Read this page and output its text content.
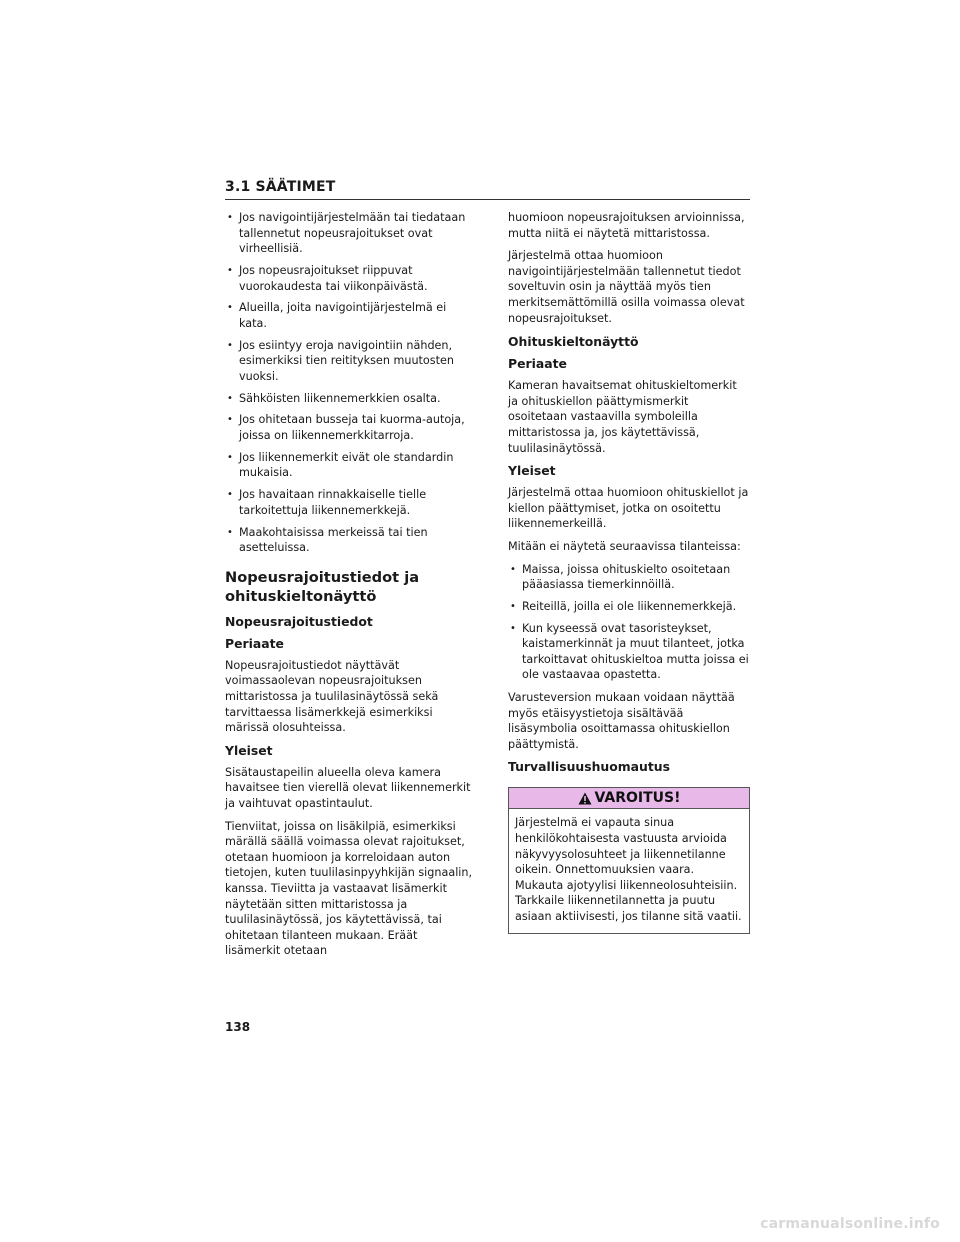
3.1 SÄÄTIMET
• Jos navigointijärjestelmään tai tiedataan tallennetut nopeusrajoitukset ovat virheellisiä.
• Jos nopeusrajoitukset riippuvat vuorokaudesta tai viikonpäivästä.
• Alueilla, joita navigointijärjestelmä ei kata.
• Jos esiintyy eroja navigointiin nähden, esimerkiksi tien reitityksen muutosten vuoksi.
• Sähköisten liikennemerkkien osalta.
• Jos ohitetaan busseja tai kuorma-autoja, joissa on liikennemerkkitarroja.
• Jos liikennemerkit eivät ole standardin mukaisia.
• Jos havaitaan rinnakkaiselle tielle tarkoitettuja liikennemerkkejä.
• Maakohtaisissa merkeissä tai tien asetteluissa.
Nopeusrajoitustiedot ja ohituskieltonäyttö
Nopeusrajoitustiedot
Periaate

Nopeusrajoitustiedot näyttävät voimassaolevan nopeusrajoituksen mittaristossa ja tuulilasinäytössä sekä tarvittaessa lisämerkkejä esimerkiksi märissä olosuhteissa.

Yleiset

Sisätaustapeilin alueella oleva kamera havaitsee tien vierellä olevat liikennemerkit ja vaihtuvat opastintaulut.

Tienviitat, joissa on lisäkilpiä, esimerkiksi märällä säällä voimassa olevat rajoitukset, otetaan huomioon ja korreloidaan auton tietojen, kuten tuulilasinpyyhkijän signaalin, kanssa. Tieviitta ja vastaavat lisämerkit näytetään sitten mittaristossa ja tuulilasinäytössä, jos käytettävissä, tai ohitetaan tilanteen mukaan. Eräät lisämerkit otetaan

huomioon nopeusrajoituksen arvioinnissa, mutta niitä ei näytetä mittaristossa.

Järjestelmä ottaa huomioon navigointijärjestelmään tallennetut tiedot soveltuvin osin ja näyttää myös tien merkitsemättömillä osilla voimassa olevat nopeusrajoitukset.

Ohituskieltonäyttö
Periaate

Kameran havaitsemat ohituskieltomerkit ja ohituskiellon päättymismerkit osoitetaan vastaavilla symboleilla mittaristossa ja, jos käytettävissä, tuulilasinäytössä.

Yleiset

Järjestelmä ottaa huomioon ohituskiellot ja kiellon päättymiset, jotka on osoitettu liikennemerkeillä.

Mitään ei näytetä seuraavissa tilanteissa:

• Maissa, joissa ohituskielto osoitetaan pääasiassa tiemerkinnöillä.
• Reiteillä, joilla ei ole liikennemerkkejä.
• Kun kyseessä ovat tasoristeykset, kaistamerkinnät ja muut tilanteet, jotka tarkoittavat ohituskieltoa mutta joissa ei ole vastaavaa opastetta.

Varusteversion mukaan voidaan näyttää myös etäisyystietoja sisältävää lisäsymbolia osoittamassa ohituskiellon päättymistä.

Turvallisuushuomautus
VAROITUS!
Järjestelmä ei vapauta sinua henkilökohtaisesta vastuusta arvioida näkyvyysolosuhteet ja liikennetilanne oikein. Onnettomuuksien vaara. Mukauta ajotyylisi liikenneolosuhteisiin. Tarkkaile liikennetilannetta ja puutu asiaan aktiivisesti, jos tilanne sitä vaatii.
138
carmanualsonline.info
